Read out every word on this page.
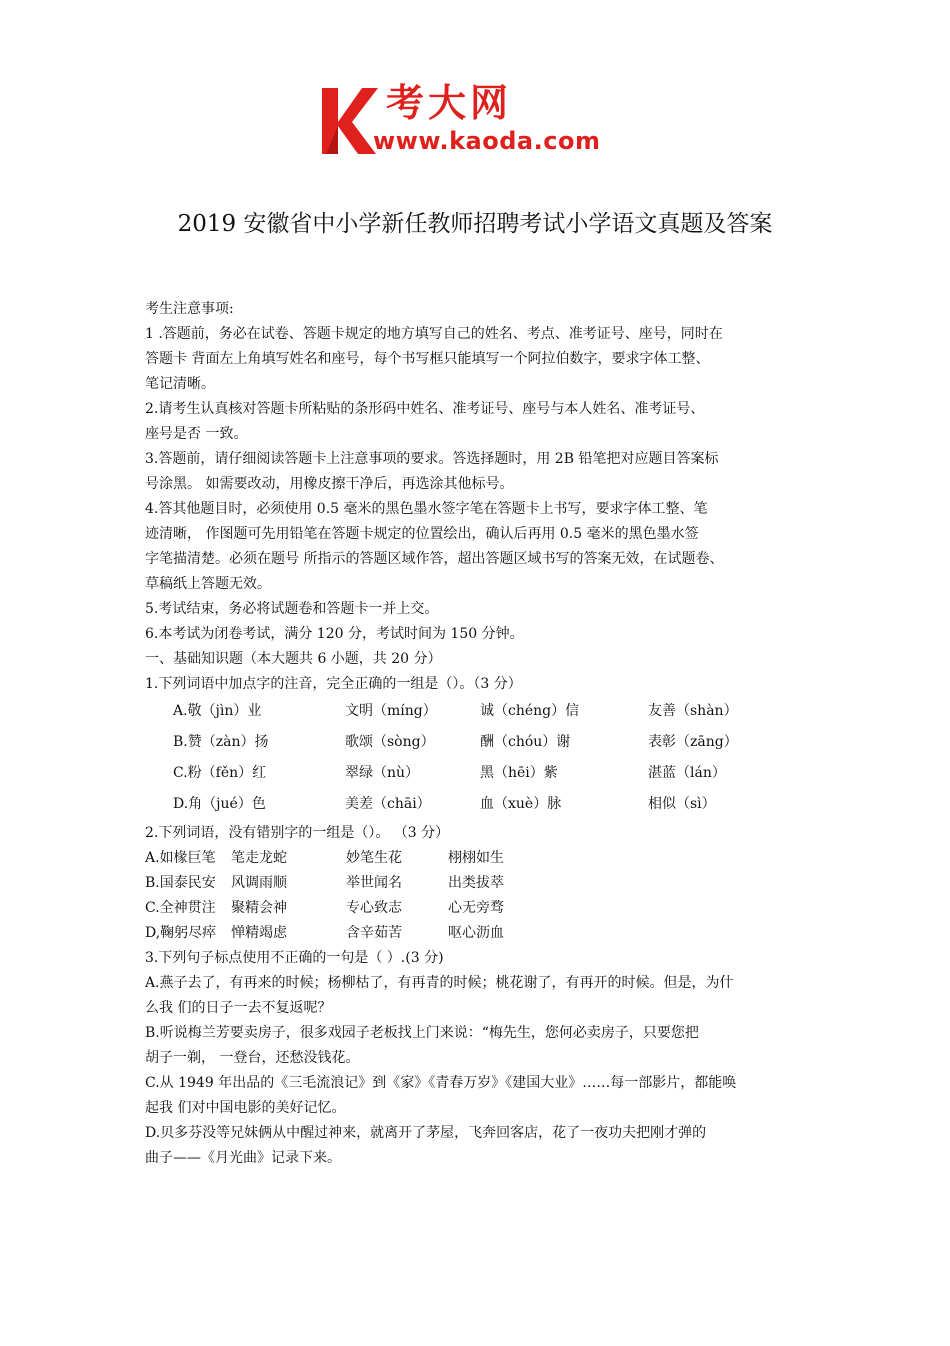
考大网
www.kaoda.com
2019 安徽省中小学新任教师招聘考试小学语文真题及答案
考生注意事项:
1 .答题前，务必在试卷、答题卡规定的地方填写自己的姓名、考点、准考证号、座号，同时在
答题卡 背面左上角填写姓名和座号，每个书写框只能填写一个阿拉伯数字，要求字体工整、
笔记清晰。
2.请考生认真核对答题卡所粘贴的条形码中姓名、准考证号、座号与本人姓名、准考证号、
座号是否 一致。
3.答题前，请仔细阅读答题卡上注意事项的要求。答选择题时，用 2B 铅笔把对应题目答案标
号涂黑。 如需要改动，用橡皮擦干净后，再选涂其他标号。
4.答其他题目时，必须使用 0.5 毫米的黑色墨水签字笔在答题卡上书写，要求字体工整、笔
迹清晰， 作图题可先用铅笔在答题卡规定的位置绘出，确认后再用 0.5 毫米的黑色墨水签
字笔描清楚。必须在题号 所指示的答题区域作答，超出答题区域书写的答案无效，在试题卷、
草稿纸上答题无效。
5.考试结束，务必将试题卷和答题卡一并上交。
6.本考试为闭卷考试，满分 120 分，考试时间为 150 分钟。
一、基础知识题（本大题共 6 小题，共 20 分）
1.下列词语中加点字的注音，完全正确的一组是（）。（3 分）
A.敬（jìn）业	文明（míng）	诚（chéng）信	友善（shàn）
B.赞（zàn）扬	歌颂（sòng）	酬（chóu）谢	表彰（zāng）
C.粉（fěn）红	翠绿（nù）	黑（hēi）紫	湛蓝（lán）
D.角（jué）色	美差（chāi）	血（xuè）脉	相似（sì）
2.下列词语，没有错别字的一组是（）。 （3 分）
A.如椽巨笔 笔走龙蛇	妙笔生花	栩栩如生
B.国泰民安 风调雨顺	举世闻名	出类拔萃
C.全神贯注 聚精会神	专心致志	心无旁骛
D,鞠躬尽瘁 惮精竭虑	含辛茹苦	呕心沥血
3.下列句子标点使用不正确的一句是（ ）.(3 分)
A.燕子去了，有再来的时候；杨柳枯了，有再青的时候；桃花谢了，有再开的时候。但是，为什
么我 们的日子一去不复返呢？
B.听说梅兰芳要卖房子，很多戏园子老板找上门来说：“梅先生，您何必卖房子，只要您把
胡子一剃， 一登台，还愁没钱花。
C.从 1949 年出品的《三毛流浪记》到《家》《青春万岁》《建国大业》……每一部影片，都能唤
起我 们对中国电影的美好记忆。
D.贝多芬没等兄妹俩从中醒过神来，就离开了茅屋，飞奔回客店，花了一夜功夫把刚才弹的
曲子——《月光曲》记录下来。
